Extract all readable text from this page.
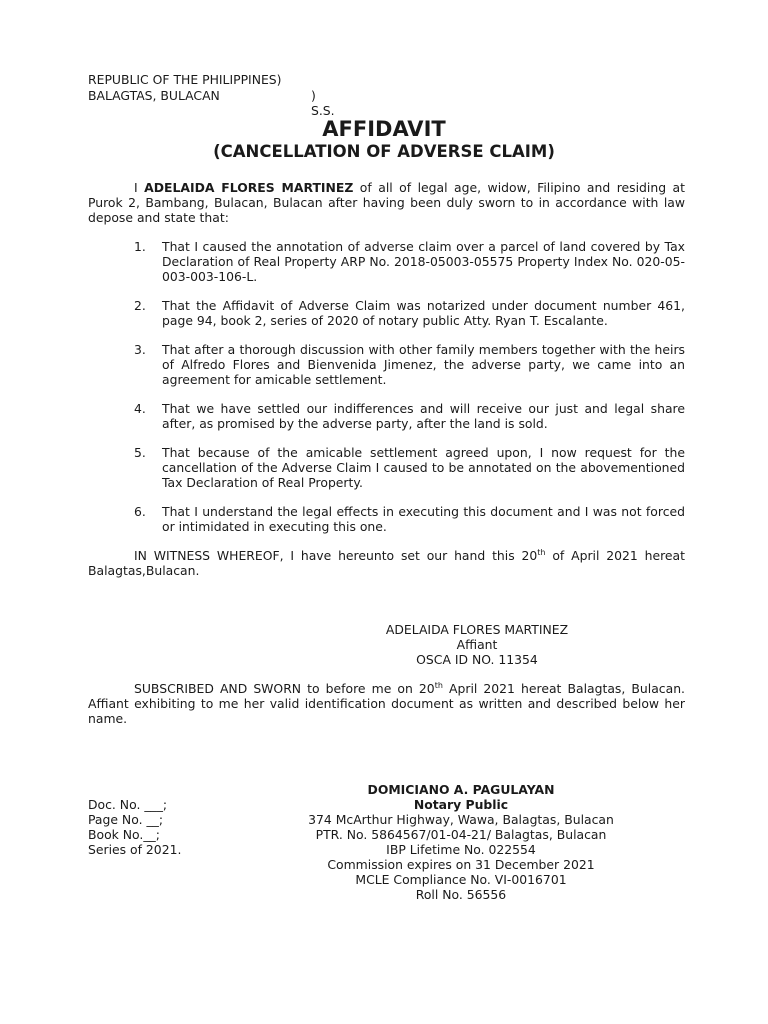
REPUBLIC OF THE PHILIPPINES)
BALAGTAS, BULACAN	) S.S.
AFFIDAVIT
(CANCELLATION OF ADVERSE CLAIM)
I ADELAIDA FLORES MARTINEZ of all of legal age, widow, Filipino and residing at Purok 2, Bambang, Bulacan, Bulacan after having been duly sworn to in accordance with law depose and state that:
1. That I caused the annotation of adverse claim over a parcel of land covered by Tax Declaration of Real Property ARP No. 2018-05003-05575 Property Index No. 020-05-003-003-106-L.
2. That the Affidavit of Adverse Claim was notarized under document number 461, page 94, book 2, series of 2020 of notary public Atty. Ryan T. Escalante.
3. That after a thorough discussion with other family members together with the heirs of Alfredo Flores and Bienvenida Jimenez, the adverse party, we came into an agreement for amicable settlement.
4. That we have settled our indifferences and will receive our just and legal share after, as promised by the adverse party, after the land is sold.
5. That because of the amicable settlement agreed upon, I now request for the cancellation of the Adverse Claim I caused to be annotated on the abovementioned Tax Declaration of Real Property.
6. That I understand the legal effects in executing this document and I was not forced or intimidated in executing this one.
IN WITNESS WHEREOF, I have hereunto set our hand this 20th of April 2021 hereat Balagtas,Bulacan.
ADELAIDA FLORES MARTINEZ
Affiant
OSCA ID NO. 11354
SUBSCRIBED AND SWORN to before me on 20th April 2021 hereat Balagtas, Bulacan. Affiant exhibiting to me her valid identification document as written and described below her name.
Doc. No. ___;
Page No. __;
Book No.__;
Series of 2021.
DOMICIANO A. PAGULAYAN
Notary Public
374 McArthur Highway, Wawa, Balagtas, Bulacan
PTR. No. 5864567/01-04-21/ Balagtas, Bulacan
IBP Lifetime No. 022554
Commission expires on 31 December 2021
MCLE Compliance No. VI-0016701
Roll No. 56556
